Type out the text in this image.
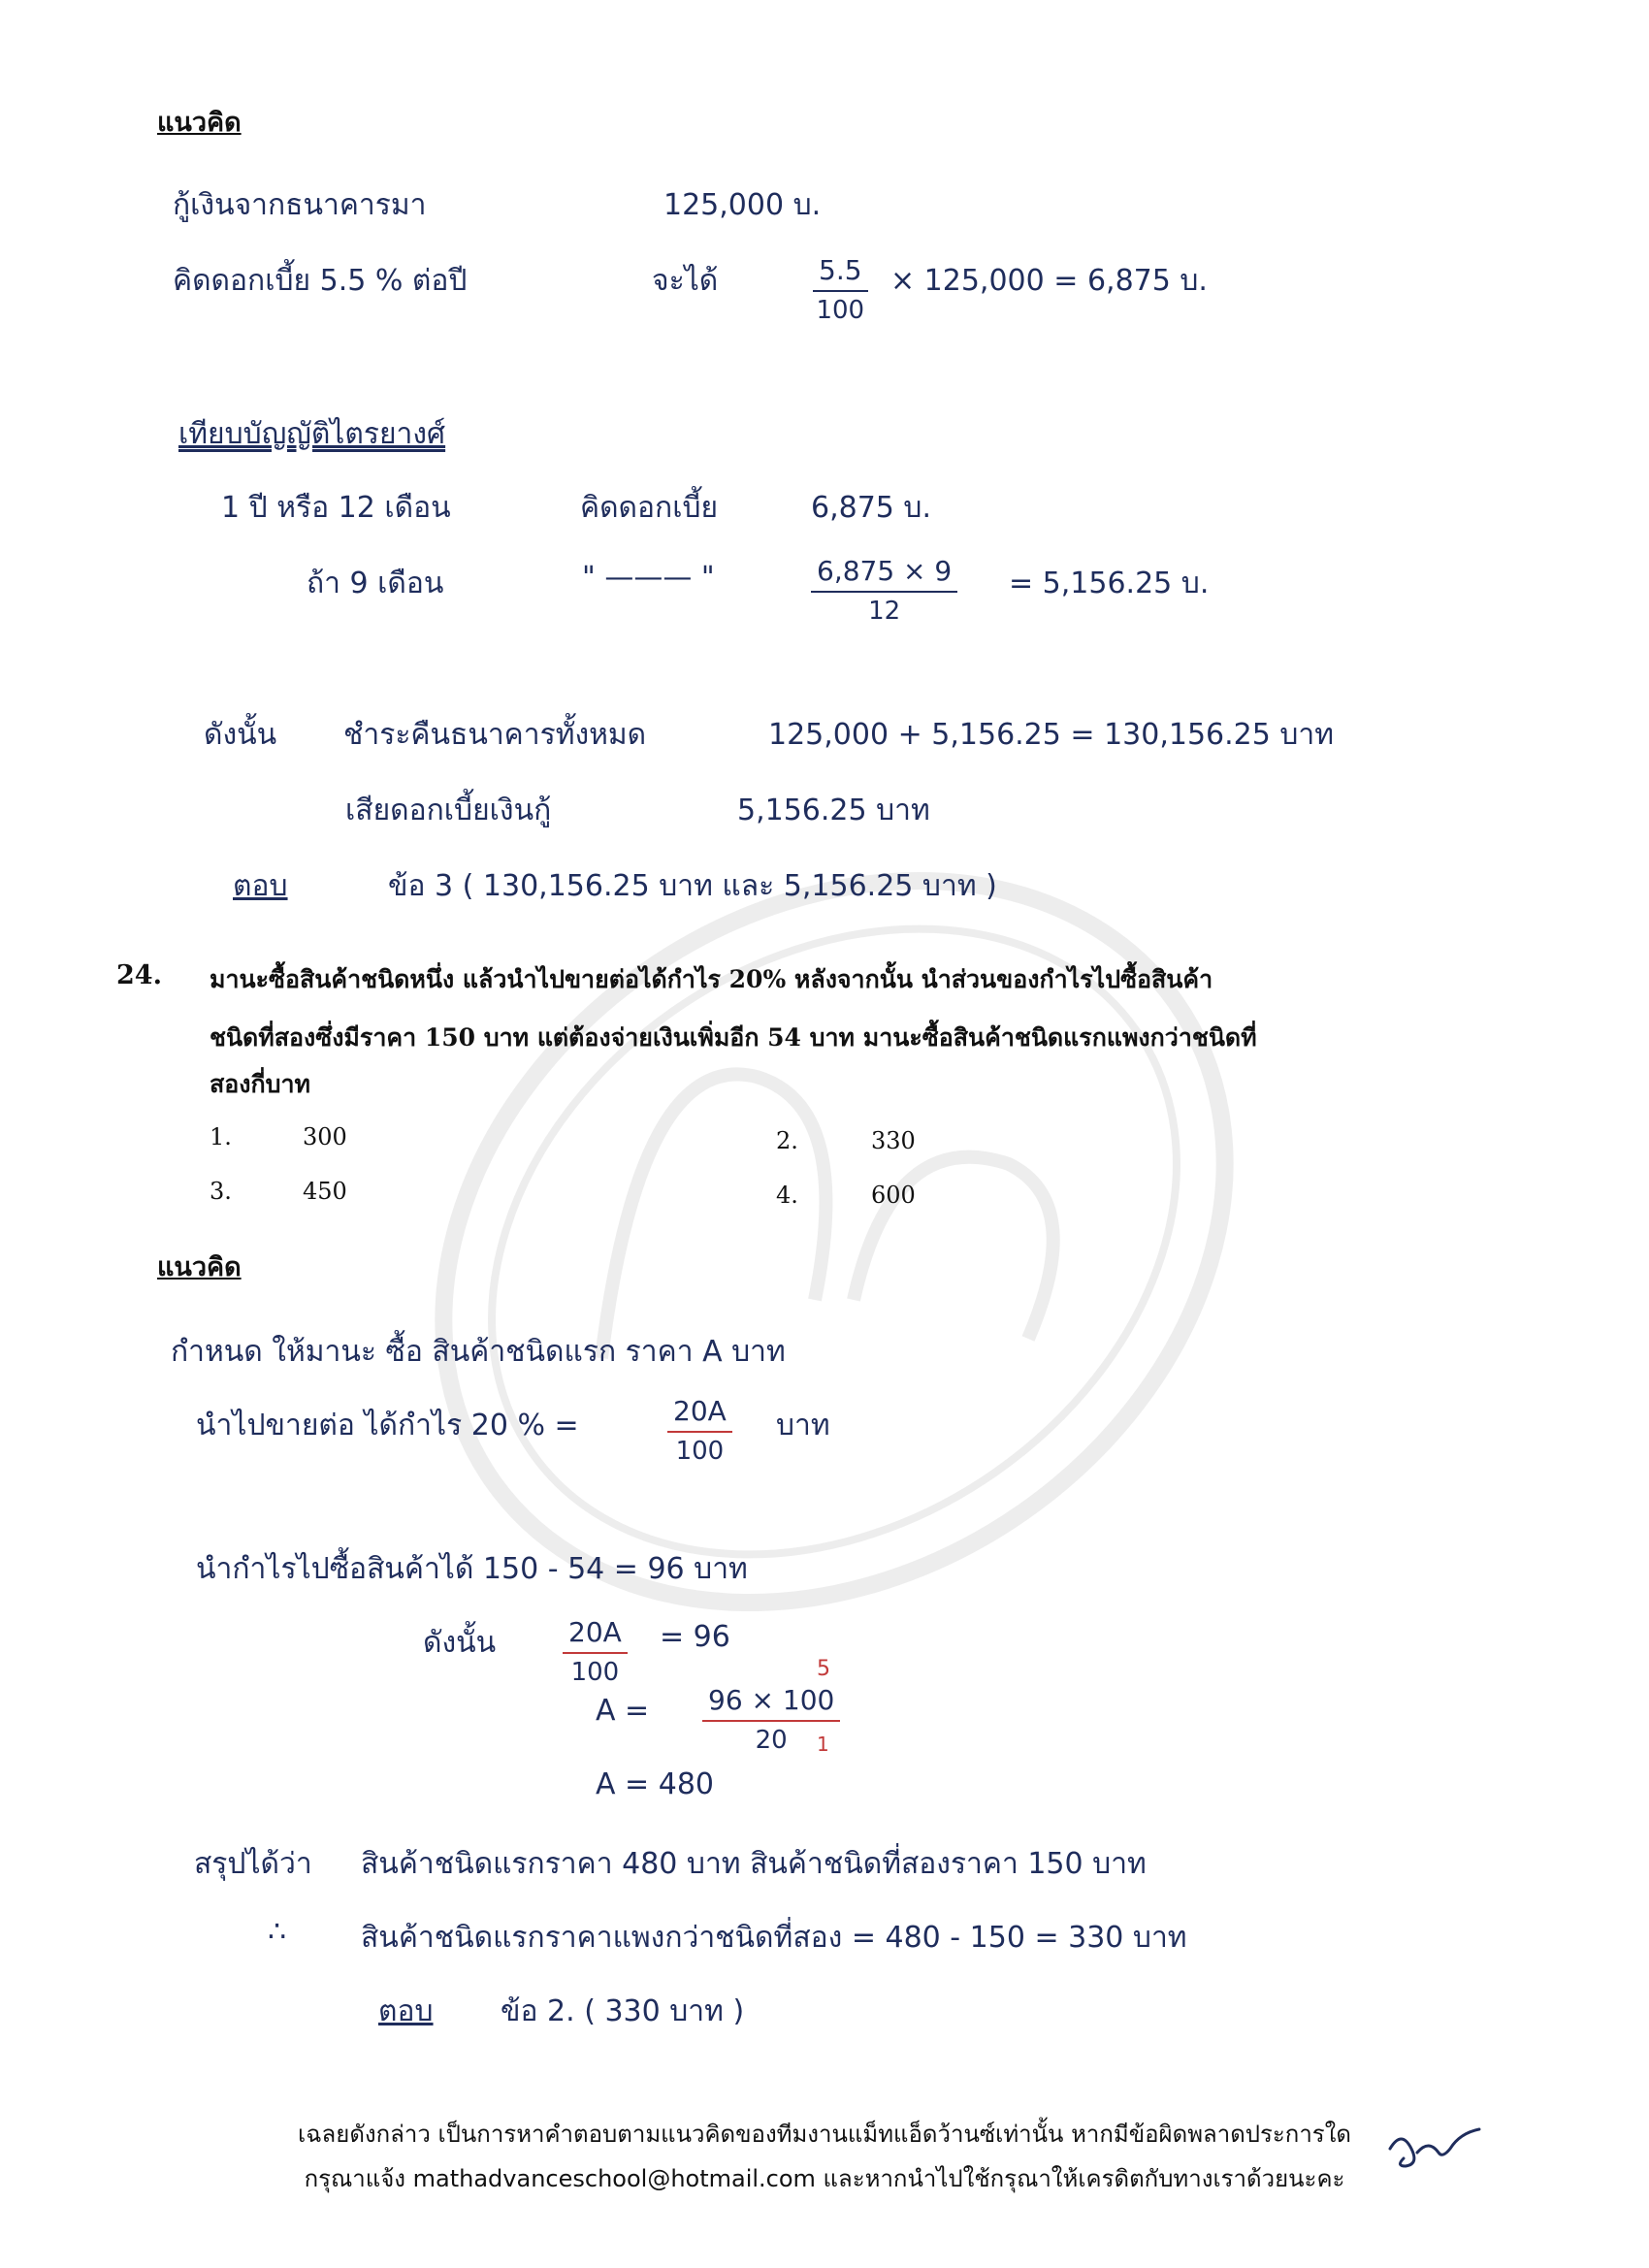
แนวคิด
กู้เงินจากธนาคารมา	125,000 บ.
คิดดอกเบี้ย 5.5 % ต่อปี	จะได้	$\frac{5.5}{100} \times 125,000 = 6,875$ บ.
เทียบบัญญัติไตรยางศ์
1 ปี หรือ 12 เดือน	คิดดอกเบี้ย	6,875 บ.
ถ้า 9 เดือน	" ——— "	$\frac{6,875 \times 9}{12} = 5,156.25$ บ.
ดังนั้น ชำระคืนธนาคารทั้งหมด	125,000 + 5,156.25 = 130,156.25 บาท
เสียดอกเบี้ยเงินกู้	5,156.25 บาท
ตอบ	ข้อ 3 ( 130,156.25 บาท และ 5,156.25 บาท )
24. มานะซื้อสินค้าชนิดหนึ่ง แล้วนำไปขายต่อได้กำไร 20% หลังจากนั้น นำส่วนของกำไรไปซื้อสินค้า
ชนิดที่สองซึ่งมีราคา 150 บาท แต่ต้องจ่ายเงินเพิ่มอีก 54 บาท มานะซื้อสินค้าชนิดแรกแพงกว่าชนิดที่
สองกี่บาท
1.	300	2.	330
3.	450	4.	600
แนวคิด
กำหนด ให้มานะ ซื้อ สินค้าชนิดแรก ราคา A บาท
นำไปขายต่อ ได้กำไร 20 % =	$\frac{20A}{100}$ บาท
นำกำไรไปซื้อสินค้าได้ 150 - 54 = 96 บาท
ดังนั้น $\frac{20A}{100} = 96$
A =
5
$\frac{96 \times 100}{20}$
1
A = 480
สรุปได้ว่า สินค้าชนิดแรกราคา 480 บาท สินค้าชนิดที่สองราคา 150 บาท
∴	สินค้าชนิดแรกราคาแพงกว่าชนิดที่สอง = 480 - 150 = 330 บาท
ตอบ ข้อ 2. ( 330 บาท )
เฉลยดังกล่าว เป็นการหาคำตอบตามแนวคิดของทีมงานแม็ทแอ็ดว้านซ์เท่านั้น หากมีข้อผิดพลาดประการใด
กรุณาแจ้ง mathadvanceschool@hotmail.com และหากนำไปใช้กรุณาให้เครดิตกับทางเราด้วยนะคะ
